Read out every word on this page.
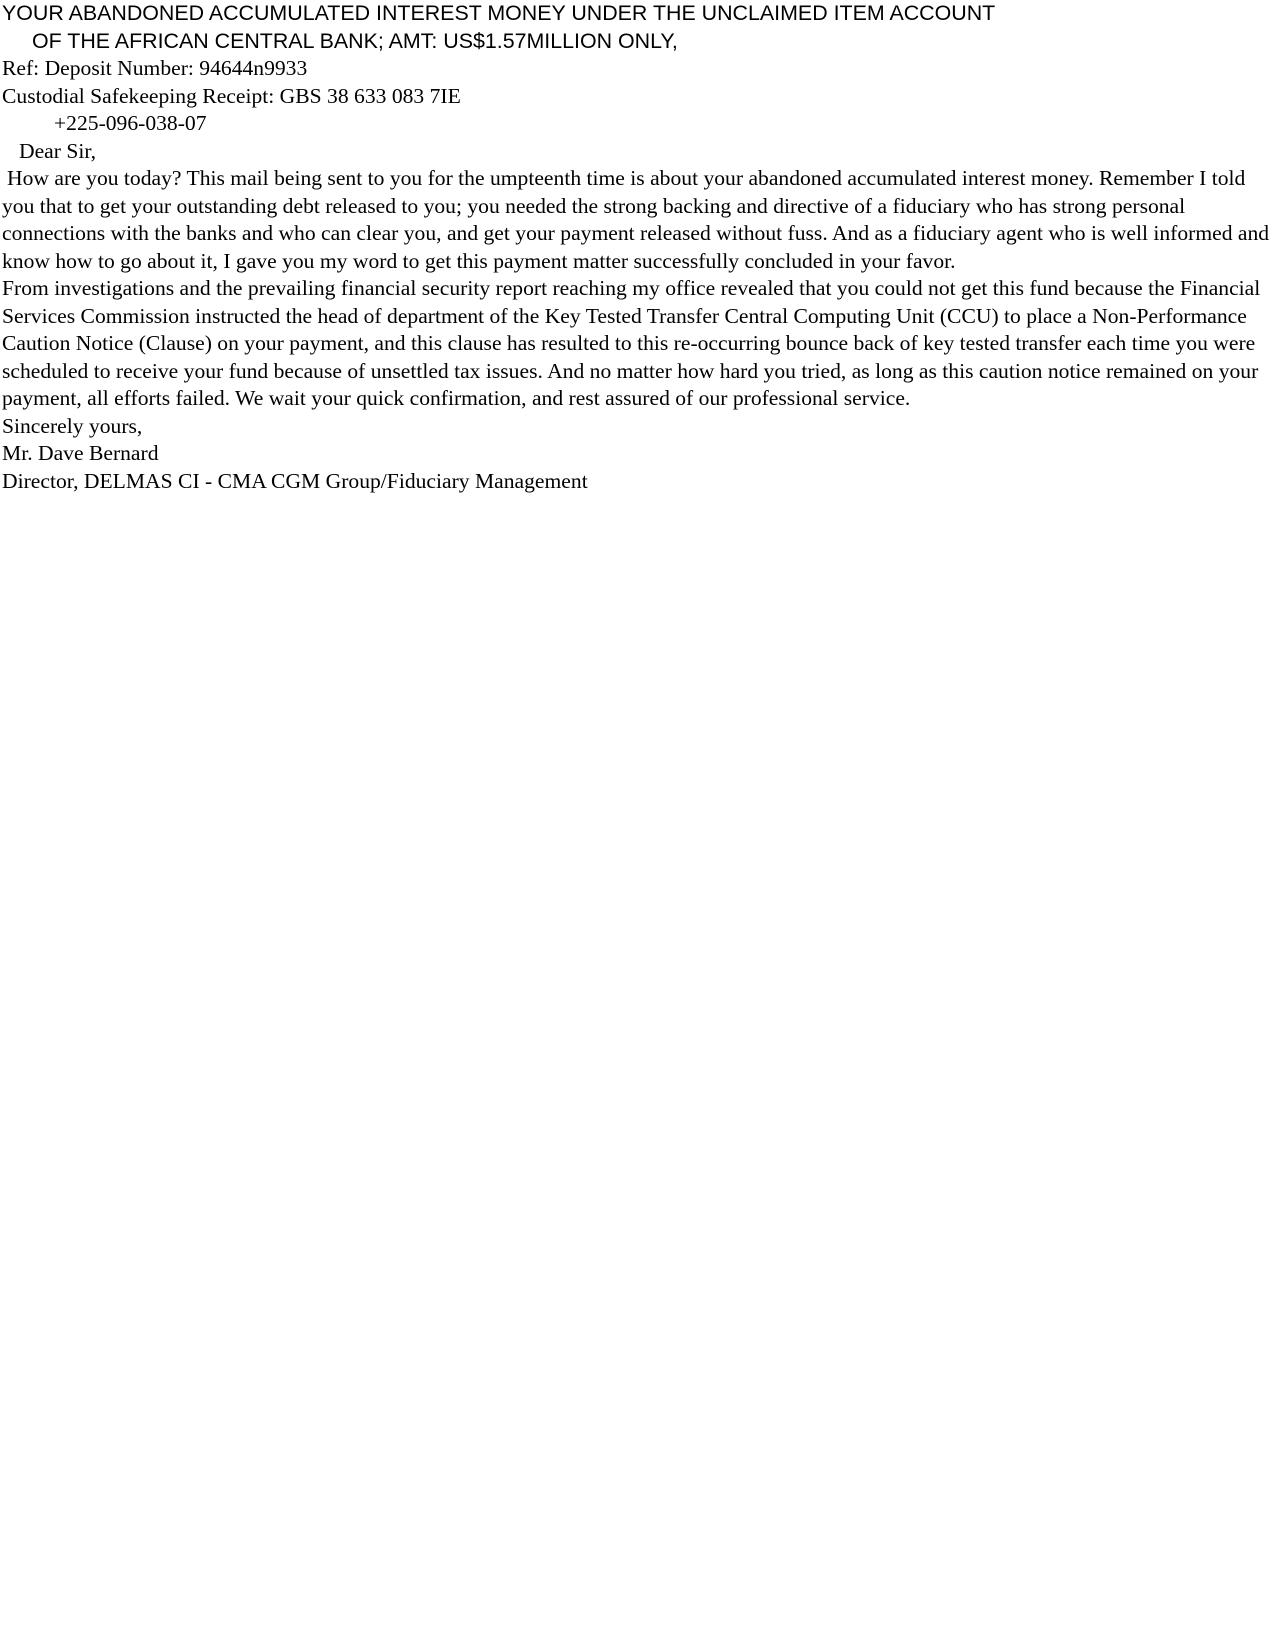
YOUR ABANDONED ACCUMULATED INTEREST MONEY UNDER THE UNCLAIMED ITEM ACCOUNT
OF THE AFRICAN CENTRAL BANK; AMT: US$1.57MILLION ONLY,
Ref: Deposit Number: 94644n9933
Custodial Safekeeping Receipt: GBS 38 633 083 7IE
+225-096-038-07
Dear Sir,
How are you today? This mail being sent to you for the umpteenth time is about your abandoned accumulated interest money. Remember I told you that to get your outstanding debt released to you; you needed the strong backing and directive of a fiduciary who has strong personal connections with the banks and who can clear you, and get your payment released without fuss. And as a fiduciary agent who is well informed and know how to go about it, I gave you my word to get this payment matter successfully concluded in your favor.
From investigations and the prevailing financial security report reaching my office revealed that you could not get this fund because the Financial Services Commission instructed the head of department of the Key Tested Transfer Central Computing Unit (CCU) to place a Non-Performance Caution Notice (Clause) on your payment, and this clause has resulted to this re-occurring bounce back of key tested transfer each time you were scheduled to receive your fund because of unsettled tax issues. And no matter how hard you tried, as long as this caution notice remained on your payment, all efforts failed. We wait your quick confirmation, and rest assured of our professional service.
Sincerely yours,
Mr. Dave Bernard
Director, DELMAS CI - CMA CGM Group/Fiduciary Management
